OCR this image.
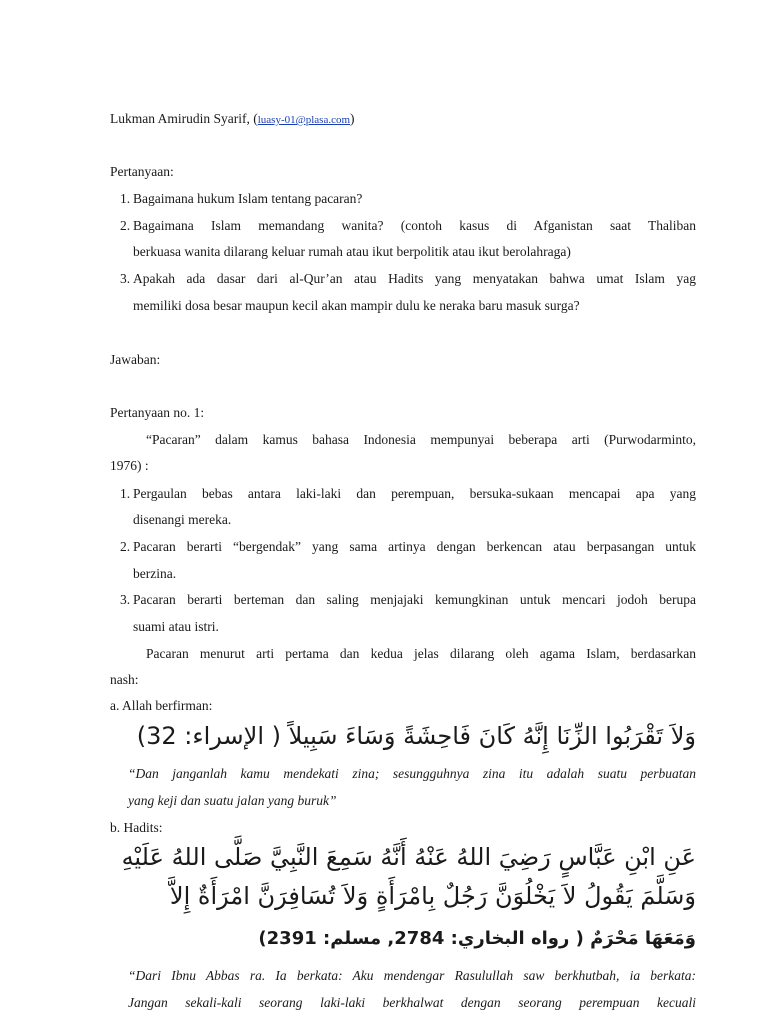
Lukman Amirudin Syarif, (luasy-01@plasa.com)
Pertanyaan:
1. Bagaimana hukum Islam tentang pacaran?
2. Bagaimana Islam memandang wanita? (contoh kasus di Afganistan saat Thaliban
berkuasa wanita dilarang keluar rumah atau ikut berpolitik atau ikut berolahraga)
3. Apakah ada dasar dari al-Qur’an atau Hadits yang menyatakan bahwa umat Islam yag
memiliki dosa besar maupun kecil akan mampir dulu ke neraka baru masuk surga?
Jawaban:
Pertanyaan no. 1:
“Pacaran” dalam kamus bahasa Indonesia mempunyai beberapa arti (Purwodarminto,
1976) :
1. Pergaulan bebas antara laki-laki dan perempuan, bersuka-sukaan mencapai apa yang
disenangi mereka.
2. Pacaran berarti “bergendak” yang sama artinya dengan berkencan atau berpasangan untuk
berzina.
3. Pacaran berarti berteman dan saling menjajaki kemungkinan untuk mencari jodoh berupa
suami atau istri.
Pacaran menurut arti pertama dan kedua jelas dilarang oleh agama Islam, berdasarkan
nash:
a. Allah berfirman:
وَلاَ تَقْرَبُوا الزِّنَا إِنَّهُ كَانَ فَاحِشَةً وَسَاءَ سَبِيلاً ( الإسراء: 32)
“Dan janganlah kamu mendekati zina; sesungguhnya zina itu adalah suatu perbuatan
yang keji dan suatu jalan yang buruk”
b. Hadits:
عَنِ ابْنِ عَبَّاسٍ رَضِيَ اللهُ عَنْهُ أَنَّهُ سَمِعَ النَّبِيَّ صَلَّى اللهُ عَلَيْهِ
وَسَلَّمَ يَقُولُ لاَ يَخْلُوَنَّ رَجُلٌ بِامْرَأَةٍ وَلاَ تُسَافِرَنَّ امْرَأَةٌ إِلاَّ
وَمَعَهَا مَحْرَمٌ ( رواه البخاري: 2784, مسلم: 2391)
“Dari Ibnu Abbas ra. Ia berkata: Aku mendengar Rasulullah saw berkhutbah, ia berkata:
Jangan sekali-kali seorang laki-laki berkhalwat dengan seorang perempuan kecuali
